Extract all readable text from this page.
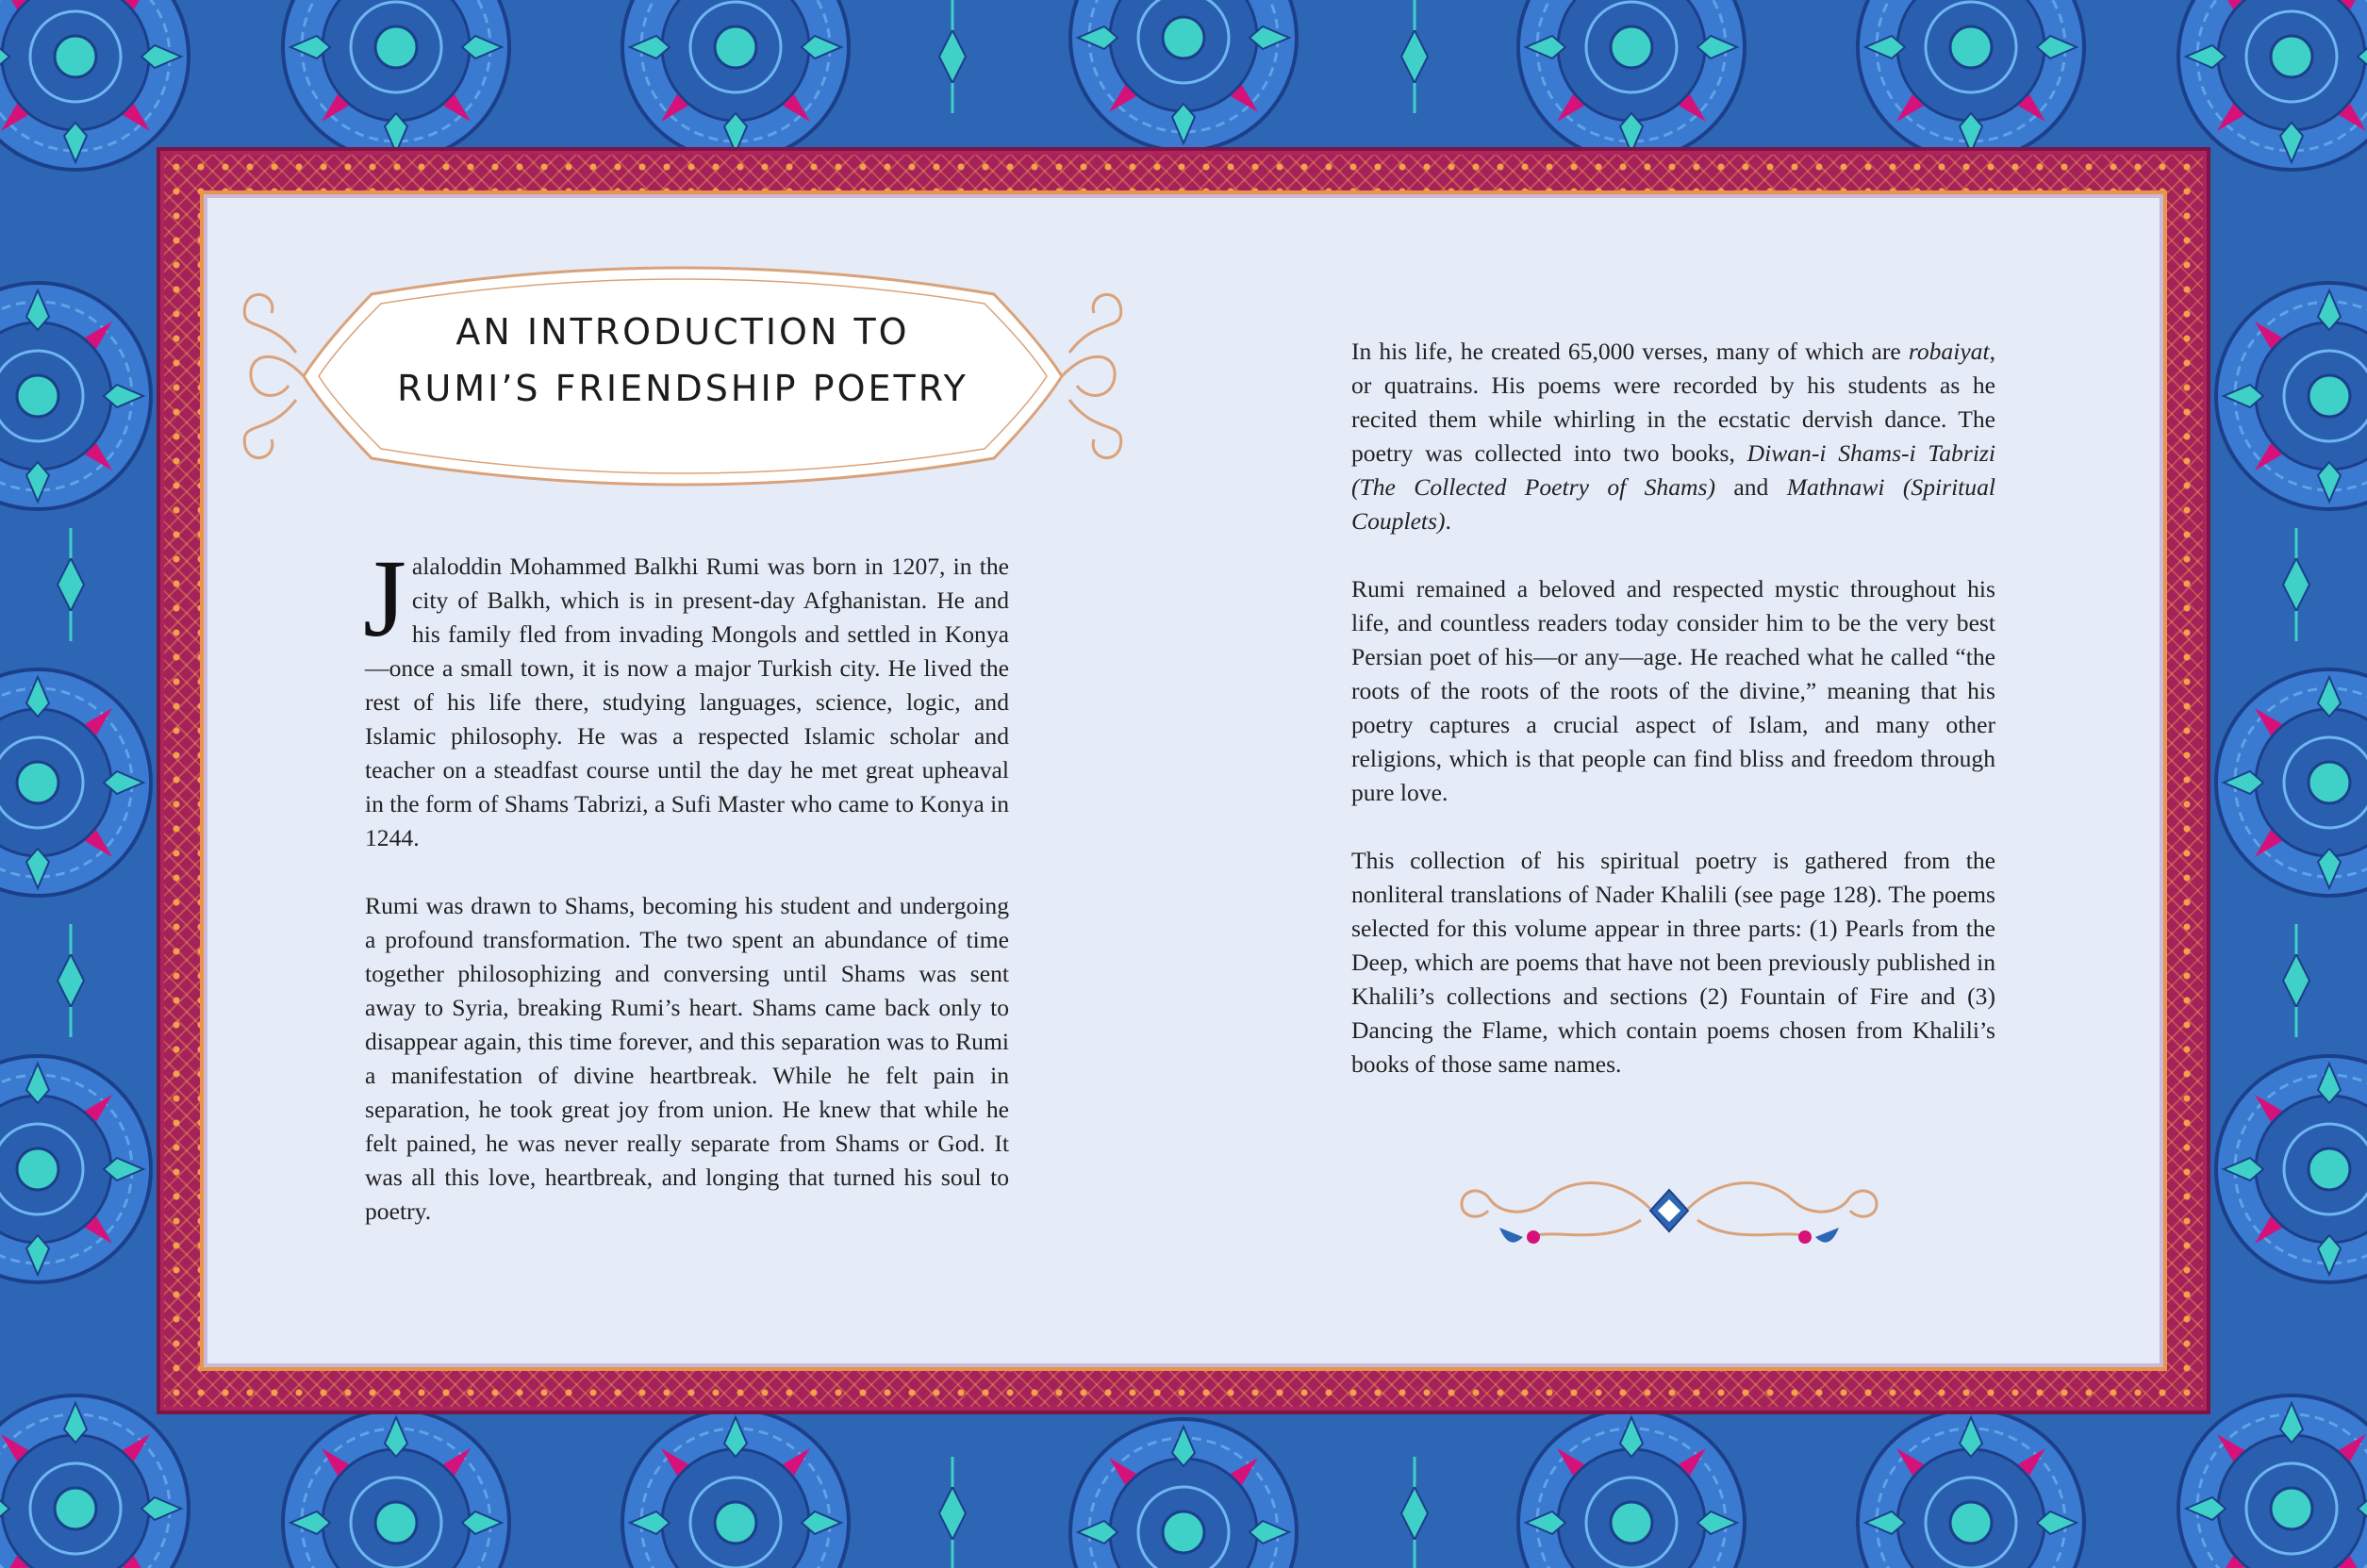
AN INTRODUCTION TO
RUMI’S FRIENDSHIP POETRY

Jalaloddin Mohammed Balkhi Rumi was born in 1207, in the city of Balkh, which is in present-day Afghanistan. He and his family fled from invading Mongols and settled in Konya—once a small town, it is now a major Turkish city. He lived the rest of his life there, studying languages, science, logic, and Islamic philosophy. He was a respected Islamic scholar and teacher on a steadfast course until the day he met great upheaval in the form of Shams Tabrizi, a Sufi Master who came to Konya in 1244.

Rumi was drawn to Shams, becoming his student and undergoing a profound transformation. The two spent an abundance of time together philosophizing and conversing until Shams was sent away to Syria, breaking Rumi’s heart. Shams came back only to disappear again, this time forever, and this separation was to Rumi a manifestation of divine heartbreak. While he felt pain in separation, he took great joy from union. He knew that while he felt pained, he was never really separate from Shams or God. It was all this love, heartbreak, and longing that turned his soul to poetry.

In his life, he created 65,000 verses, many of which are robaiyat, or quatrains. His poems were recorded by his students as he recited them while whirling in the ecstatic dervish dance. The poetry was collected into two books, Diwan-i Shams-i Tabrizi (The Collected Poetry of Shams) and Mathnawi (Spiritual Couplets).

Rumi remained a beloved and respected mystic throughout his life, and countless readers today consider him to be the very best Persian poet of his—or any—age. He reached what he called “the roots of the roots of the roots of the divine,” meaning that his poetry captures a crucial aspect of Islam, and many other religions, which is that people can find bliss and freedom through pure love.

This collection of his spiritual poetry is gathered from the nonliteral translations of Nader Khalili (see page 128). The poems selected for this volume appear in three parts: (1) Pearls from the Deep, which are poems that have not been previously published in Khalili’s collections and sections (2) Fountain of Fire and (3) Dancing the Flame, which contain poems chosen from Khalili’s books of those same names.
